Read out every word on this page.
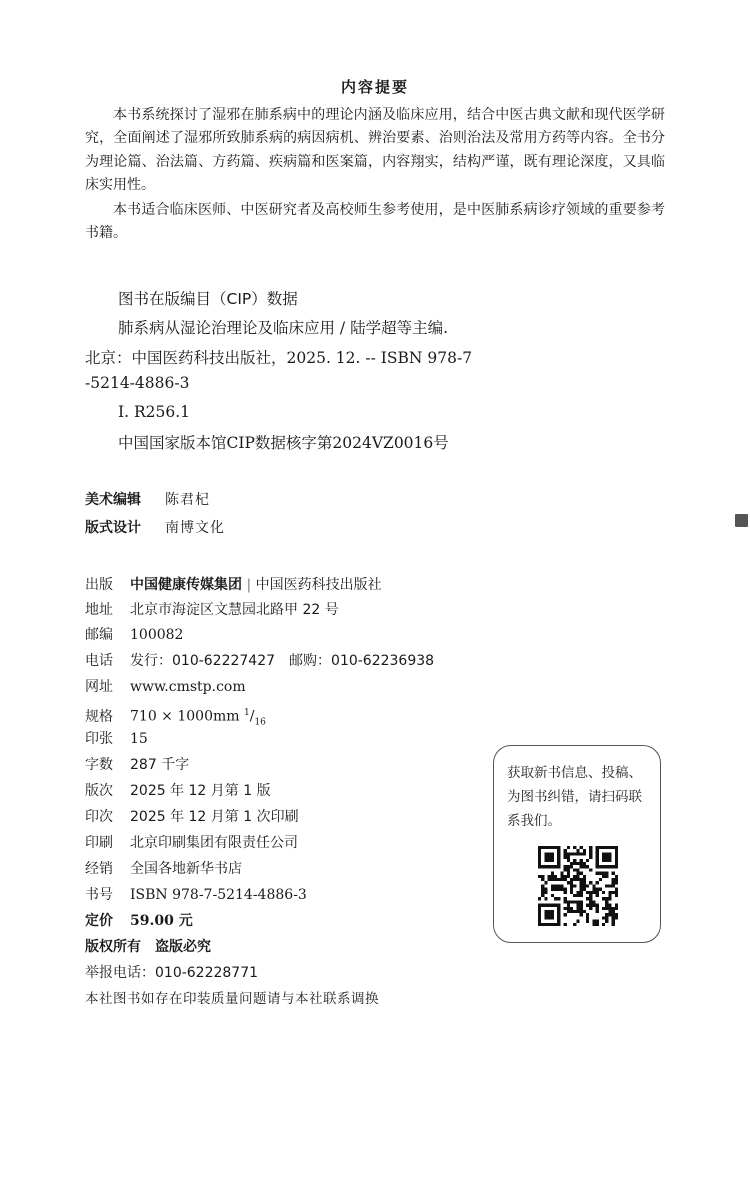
内容提要

本书系统探讨了湿邪在肺系病中的理论内涵及临床应用，结合中医古典文献和现代医学研究，全面阐述了湿邪所致肺系病的病因病机、辨治要素、治则治法及常用方药等内容。全书分为理论篇、治法篇、方药篇、疾病篇和医案篇，内容翔实，结构严谨，既有理论深度，又具临床实用性。

本书适合临床医师、中医研究者及高校师生参考使用，是中医肺系病诊疗领域的重要参考书籍。

图书在版编目（CIP）数据
肺系病从湿论治理论及临床应用 / 陆学超等主编.
北京：中国医药科技出版社，2025. 12. -- ISBN 978-7
-5214-4886-3
Ⅰ. R256.1
中国国家版本馆CIP数据核字第2024VZ0016号
美术编辑 陈君杞
版式设计 南博文化
出版 中国健康传媒集团 | 中国医药科技出版社
地址 北京市海淀区文慧园北路甲 22 号
邮编 100082
电话 发行：010-62227427　邮购：010-62236938
网址 www.cmstp.com
规格 710 × 1000mm $^1/_{16}$
印张 15
字数 287 千字
版次 2025 年 12 月第 1 版
印次 2025 年 12 月第 1 次印刷
印刷 北京印刷集团有限责任公司
经销 全国各地新华书店
书号 ISBN 978-7-5214-4886-3
定价 59.00 元
版权所有　盗版必究
举报电话：010-62228771
本社图书如存在印装质量问题请与本社联系调换
获取新书信息、投稿、为图书纠错，请扫码联系我们。
